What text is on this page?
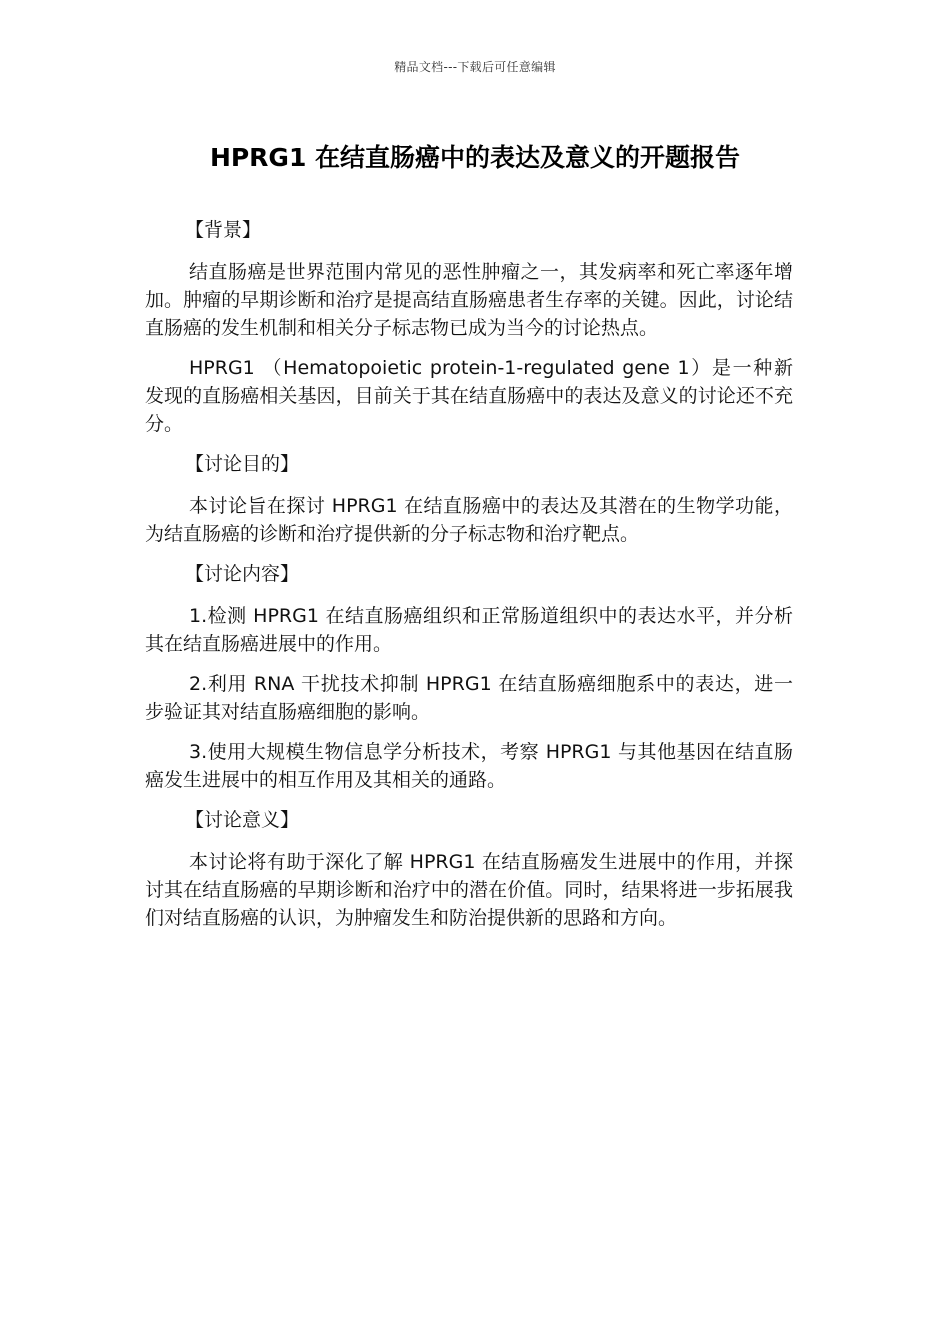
精品文档---下载后可任意编辑
HPRG1 在结直肠癌中的表达及意义的开题报告

【背景】

结直肠癌是世界范围内常见的恶性肿瘤之一，其发病率和死亡率逐年增加。肿瘤的早期诊断和治疗是提高结直肠癌患者生存率的关键。因此，讨论结直肠癌的发生机制和相关分子标志物已成为当今的讨论热点。

HPRG1 （Hematopoietic protein-1-regulated gene 1）是一种新发现的直肠癌相关基因，目前关于其在结直肠癌中的表达及意义的讨论还不充分。

【讨论目的】

本讨论旨在探讨 HPRG1 在结直肠癌中的表达及其潜在的生物学功能，为结直肠癌的诊断和治疗提供新的分子标志物和治疗靶点。

【讨论内容】

1.检测 HPRG1 在结直肠癌组织和正常肠道组织中的表达水平，并分析其在结直肠癌进展中的作用。

2.利用 RNA 干扰技术抑制 HPRG1 在结直肠癌细胞系中的表达，进一步验证其对结直肠癌细胞的影响。

3.使用大规模生物信息学分析技术，考察 HPRG1 与其他基因在结直肠癌发生进展中的相互作用及其相关的通路。

【讨论意义】

本讨论将有助于深化了解 HPRG1 在结直肠癌发生进展中的作用，并探讨其在结直肠癌的早期诊断和治疗中的潜在价值。同时，结果将进一步拓展我们对结直肠癌的认识，为肿瘤发生和防治提供新的思路和方向。
